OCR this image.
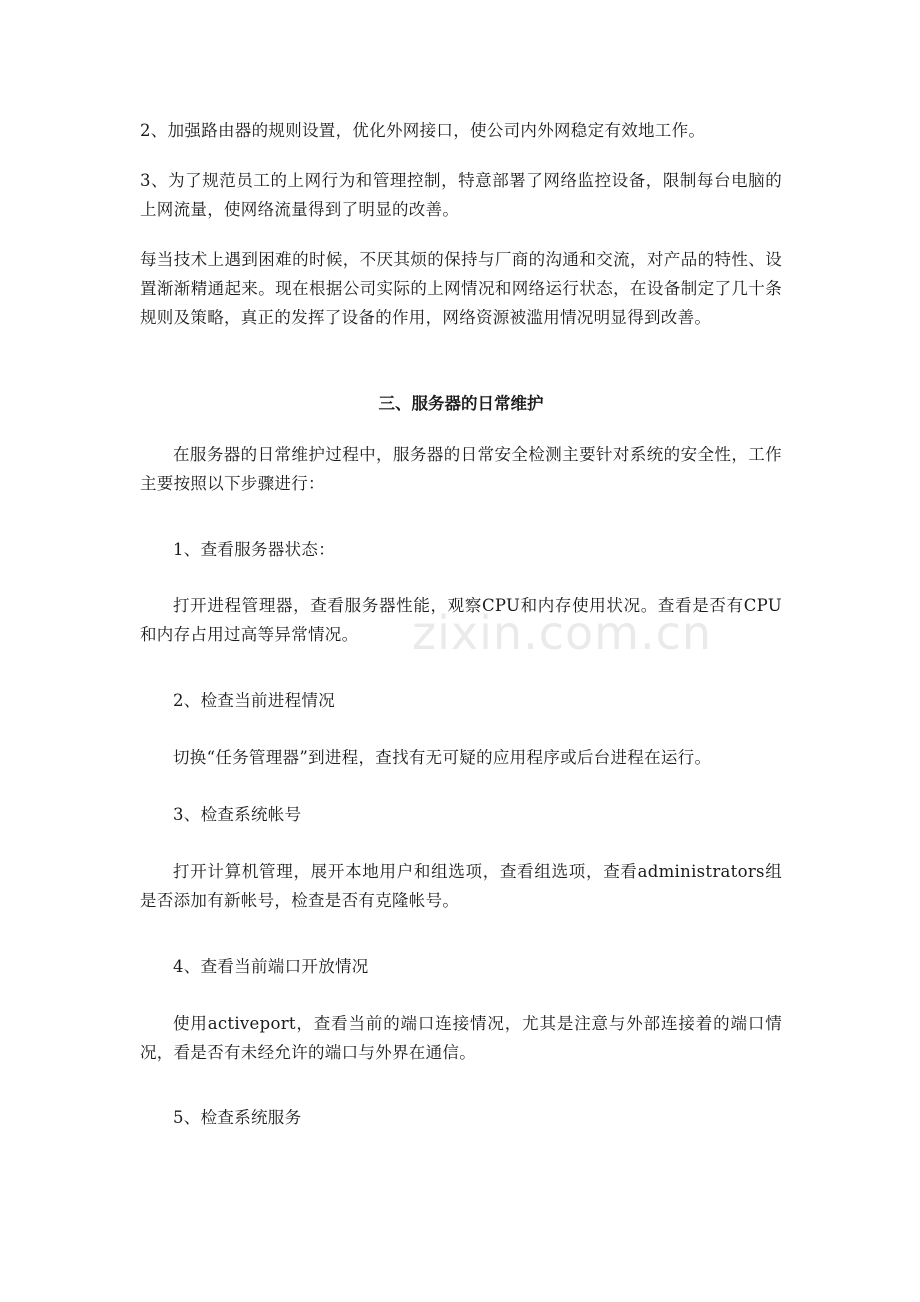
2、加强路由器的规则设置，优化外网接口，使公司内外网稳定有效地工作。

3、为了规范员工的上网行为和管理控制，特意部署了网络监控设备，限制每台电脑的上网流量，使网络流量得到了明显的改善。

每当技术上遇到困难的时候，不厌其烦的保持与厂商的沟通和交流，对产品的特性、设置渐渐精通起来。现在根据公司实际的上网情况和网络运行状态，在设备制定了几十条规则及策略，真正的发挥了设备的作用，网络资源被滥用情况明显得到改善。

三、服务器的日常维护

在服务器的日常维护过程中，服务器的日常安全检测主要针对系统的安全性，工作主要按照以下步骤进行：

1、查看服务器状态：

打开进程管理器，查看服务器性能，观察CPU和内存使用状况。查看是否有CPU和内存占用过高等异常情况。

2、检查当前进程情况

切换“任务管理器”到进程，查找有无可疑的应用程序或后台进程在运行。

3、检查系统帐号

打开计算机管理，展开本地用户和组选项，查看组选项，查看administrators组是否添加有新帐号，检查是否有克隆帐号。

4、查看当前端口开放情况

使用activeport，查看当前的端口连接情况，尤其是注意与外部连接着的端口情况，看是否有未经允许的端口与外界在通信。

5、检查系统服务

zixin.com.cn
